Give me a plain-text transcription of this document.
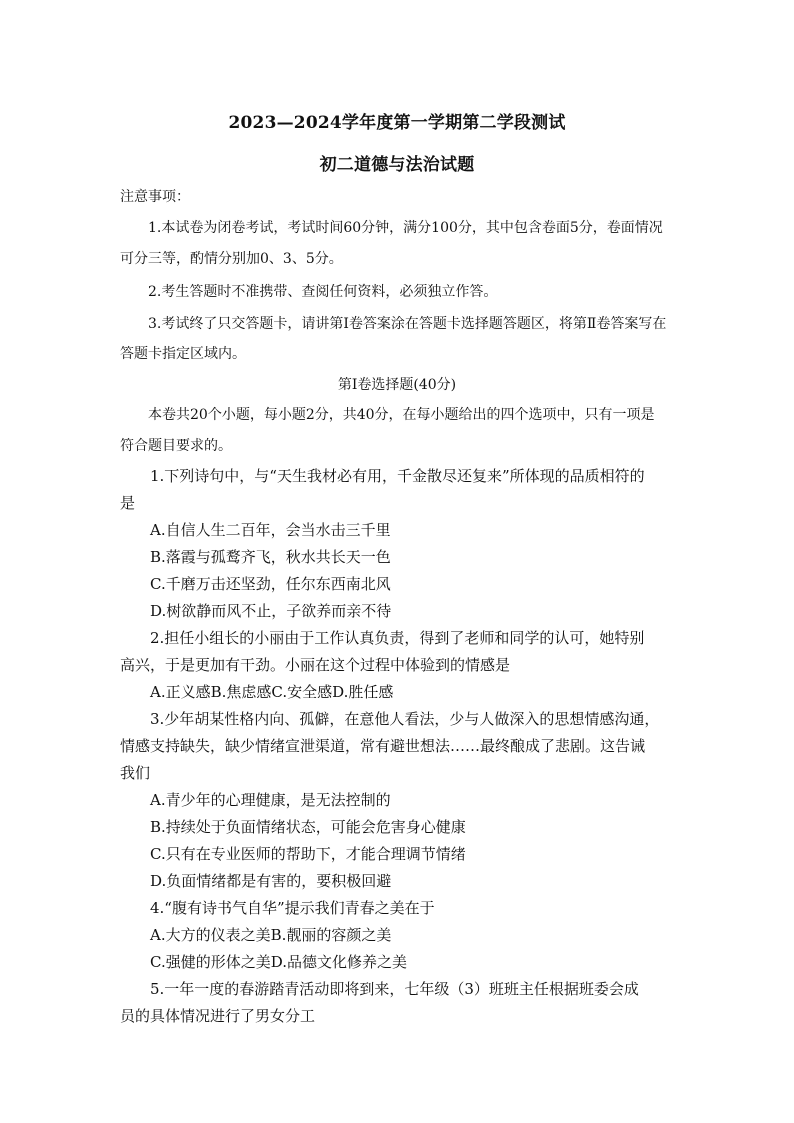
2023—2024学年度第一学期第二学段测试
初二道德与法治试题
注意事项：
1.本试卷为闭卷考试，考试时间60分钟，满分100分，其中包含卷面5分，卷面情况
可分三等，酌情分别加0、3、5分。
2.考生答题时不准携带、查阅任何资料，必须独立作答。
3.考试终了只交答题卡，请讲第Ⅰ卷答案涂在答题卡选择题答题区，将第Ⅱ卷答案写在
答题卡指定区域内。
第Ⅰ卷选择题(40分)
本卷共20个小题，每小题2分，共40分，在每小题给出的四个选项中，只有一项是
符合题目要求的。
1.下列诗句中，与“天生我材必有用，千金散尽还复来”所体现的品质相符的
是
A.自信人生二百年，会当水击三千里
B.落霞与孤鹜齐飞，秋水共长天一色
C.千磨万击还坚劲，任尔东西南北风
D.树欲静而风不止，子欲养而亲不待
2.担任小组长的小丽由于工作认真负责，得到了老师和同学的认可，她特别
高兴，于是更加有干劲。小丽在这个过程中体验到的情感是
A.正义感B.焦虑感C.安全感D.胜任感
3.少年胡某性格内向、孤僻，在意他人看法，少与人做深入的思想情感沟通，
情感支持缺失，缺少情绪宣泄渠道，常有避世想法……最终酿成了悲剧。这告诫
我们
A.青少年的心理健康，是无法控制的
B.持续处于负面情绪状态，可能会危害身心健康
C.只有在专业医师的帮助下，才能合理调节情绪
D.负面情绪都是有害的，要积极回避
4.“腹有诗书气自华”提示我们青春之美在于
A.大方的仪表之美B.靓丽的容颜之美
C.强健的形体之美D.品德文化修养之美
5.一年一度的春游踏青活动即将到来，七年级（3）班班主任根据班委会成
员的具体情况进行了男女分工
